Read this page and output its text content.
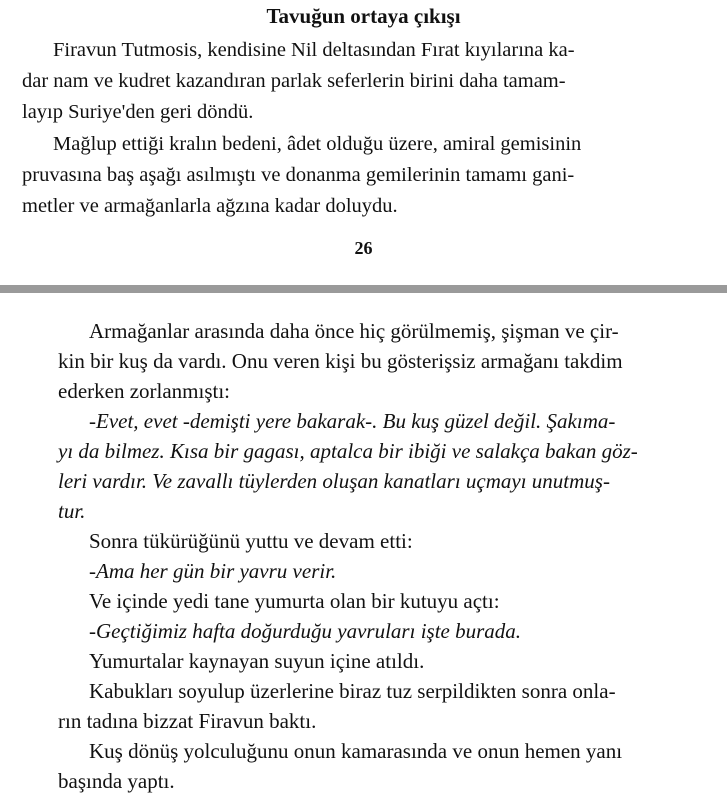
Tavuğun ortaya çıkışı
Firavun Tutmosis, kendisine Nil deltasından Fırat kıyılarına ka-
dar nam ve kudret kazandıran parlak seferlerin birini daha tamam-
layıp Suriye'den geri döndü.
Mağlup ettiği kralın bedeni, âdet olduğu üzere, amiral gemisinin
pruvasına baş aşağı asılmıştı ve donanma gemilerinin tamamı gani-
metler ve armağanlarla ağzına kadar doluydu.
26
Armağanlar arasında daha önce hiç görülmemiş, şişman ve çir-
kin bir kuş da vardı. Onu veren kişi bu gösterişsiz armağanı takdim
ederken zorlanmıştı:
-Evet, evet -demişti yere bakarak-. Bu kuş güzel değil. Şakıma-
yı da bilmez. Kısa bir gagası, aptalca bir ibiği ve salakça bakan göz-
leri vardır. Ve zavallı tüylerden oluşan kanatları uçmayı unutmuş-
tur.
Sonra tükürüğünü yuttu ve devam etti:
-Ama her gün bir yavru verir.
Ve içinde yedi tane yumurta olan bir kutuyu açtı:
-Geçtiğimiz hafta doğurduğu yavruları işte burada.
Yumurtalar kaynayan suyun içine atıldı.
Kabukları soyulup üzerlerine biraz tuz serpildikten sonra onla-
rın tadına bizzat Firavun baktı.
Kuş dönüş yolculuğunu onun kamarasında ve onun hemen yanı
başında yaptı.
